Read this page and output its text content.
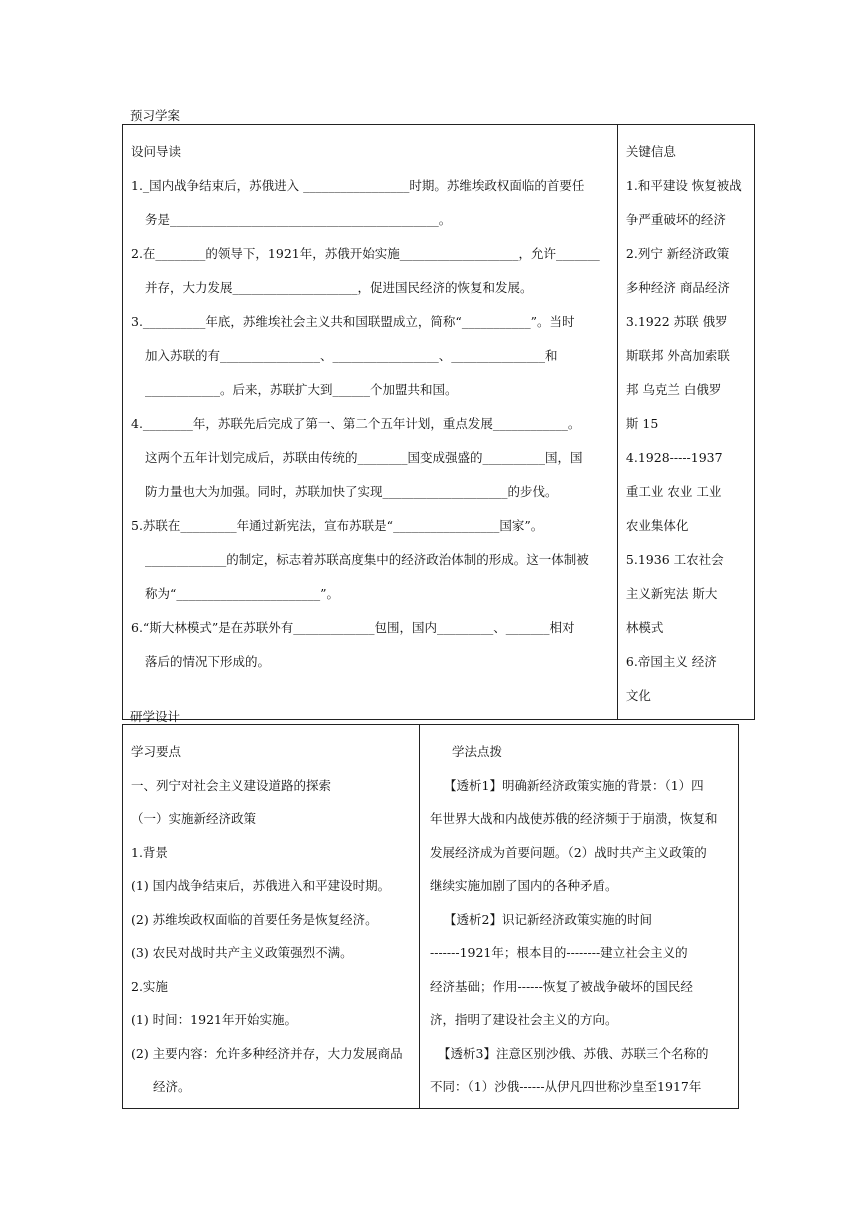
预习学案
设问导读
1._国内战争结束后，苏俄进入 _________________时期。苏维埃政权面临的首要任
务是___________________________________________。
2.在________的领导下，1921年，苏俄开始实施___________________，允许_______
并存，大力发展____________________，促进国民经济的恢复和发展。
3.__________年底，苏维埃社会主义共和国联盟成立，简称“___________”。当时
加入苏联的有________________、_________________、_______________和
____________。后来，苏联扩大到______个加盟共和国。
4.________年，苏联先后完成了第一、第二个五年计划，重点发展____________。
这两个五年计划完成后，苏联由传统的________国变成强盛的__________国，国
防力量也大为加强。同时，苏联加快了实现____________________的步伐。
5.苏联在_________年通过新宪法，宣布苏联是“_________________国家”。
_____________的制定，标志着苏联高度集中的经济政治体制的形成。这一体制被
称为“_______________________”。
6.“斯大林模式”是在苏联外有_____________包围，国内_________、_______相对
落后的情况下形成的。

关键信息
1.和平建设 恢复被战
争严重破坏的经济
2.列宁 新经济政策
多种经济 商品经济
3.1922 苏联 俄罗
斯联邦 外高加索联
邦 乌克兰 白俄罗
斯 15
4.1928-----1937
重工业 农业 工业
农业集体化
5.1936 工农社会
主义新宪法 斯大
林模式
6.帝国主义 经济
文化
研学设计
学习要点
一、列宁对社会主义建设道路的探索
（一）实施新经济政策
1.背景
(1) 国内战争结束后，苏俄进入和平建设时期。
(2) 苏维埃政权面临的首要任务是恢复经济。
(3) 农民对战时共产主义政策强烈不满。
2.实施
(1) 时间：1921年开始实施。
(2) 主要内容：允许多种经济并存，大力发展商品
经济。

学法点拨
【透析1】明确新经济政策实施的背景：（1）四
年世界大战和内战使苏俄的经济频于于崩溃，恢复和
发展经济成为首要问题。（2）战时共产主义政策的
继续实施加剧了国内的各种矛盾。
【透析2】识记新经济政策实施的时间
-------1921年；根本目的--------建立社会主义的
经济基础；作用------恢复了被战争破坏的国民经
济，指明了建设社会主义的方向。
【透析3】注意区别沙俄、苏俄、苏联三个名称的
不同：（1）沙俄------从伊凡四世称沙皇至1917年
